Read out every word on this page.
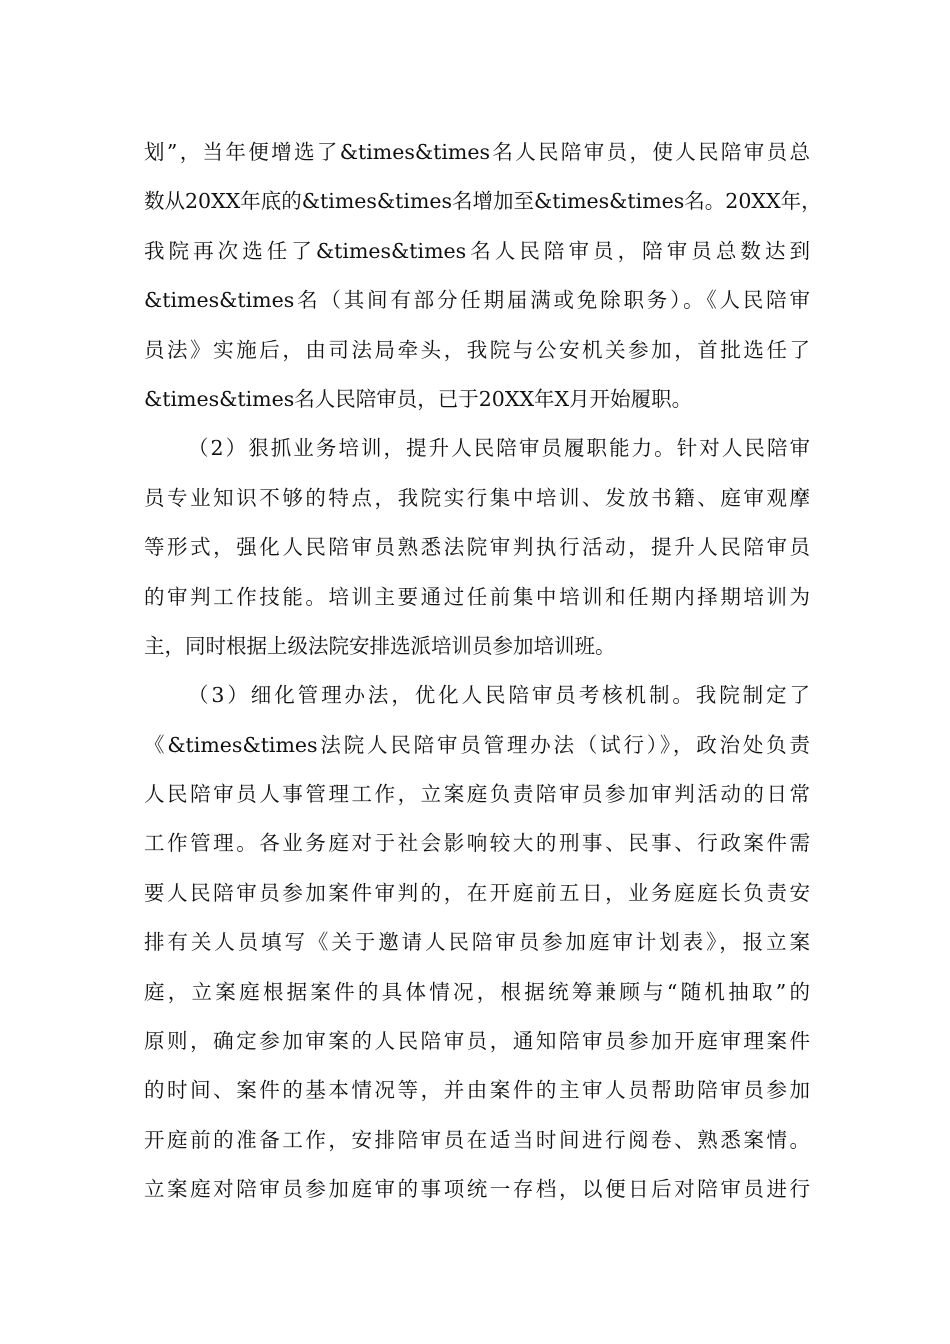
划”，当年便增选了&times&times名人民陪审员，使人民陪审员总
数从20XX年底的&times&times名增加至&times&times名。20XX年，
我院再次选任了&times&times名人民陪审员，陪审员总数达到
&times&times名（其间有部分任期届满或免除职务）。《人民陪审
员法》实施后，由司法局牵头，我院与公安机关参加，首批选任了
&times&times名人民陪审员，已于20XX年X月开始履职。
（2）狠抓业务培训，提升人民陪审员履职能力。针对人民陪审
员专业知识不够的特点，我院实行集中培训、发放书籍、庭审观摩
等形式，强化人民陪审员熟悉法院审判执行活动，提升人民陪审员
的审判工作技能。培训主要通过任前集中培训和任期内择期培训为
主，同时根据上级法院安排选派培训员参加培训班。
（3）细化管理办法，优化人民陪审员考核机制。我院制定了
《&times&times法院人民陪审员管理办法（试行）》，政治处负责
人民陪审员人事管理工作，立案庭负责陪审员参加审判活动的日常
工作管理。各业务庭对于社会影响较大的刑事、民事、行政案件需
要人民陪审员参加案件审判的，在开庭前五日，业务庭庭长负责安
排有关人员填写《关于邀请人民陪审员参加庭审计划表》，报立案
庭，立案庭根据案件的具体情况，根据统筹兼顾与“随机抽取”的
原则，确定参加审案的人民陪审员，通知陪审员参加开庭审理案件
的时间、案件的基本情况等，并由案件的主审人员帮助陪审员参加
开庭前的准备工作，安排陪审员在适当时间进行阅卷、熟悉案情。
立案庭对陪审员参加庭审的事项统一存档，以便日后对陪审员进行
